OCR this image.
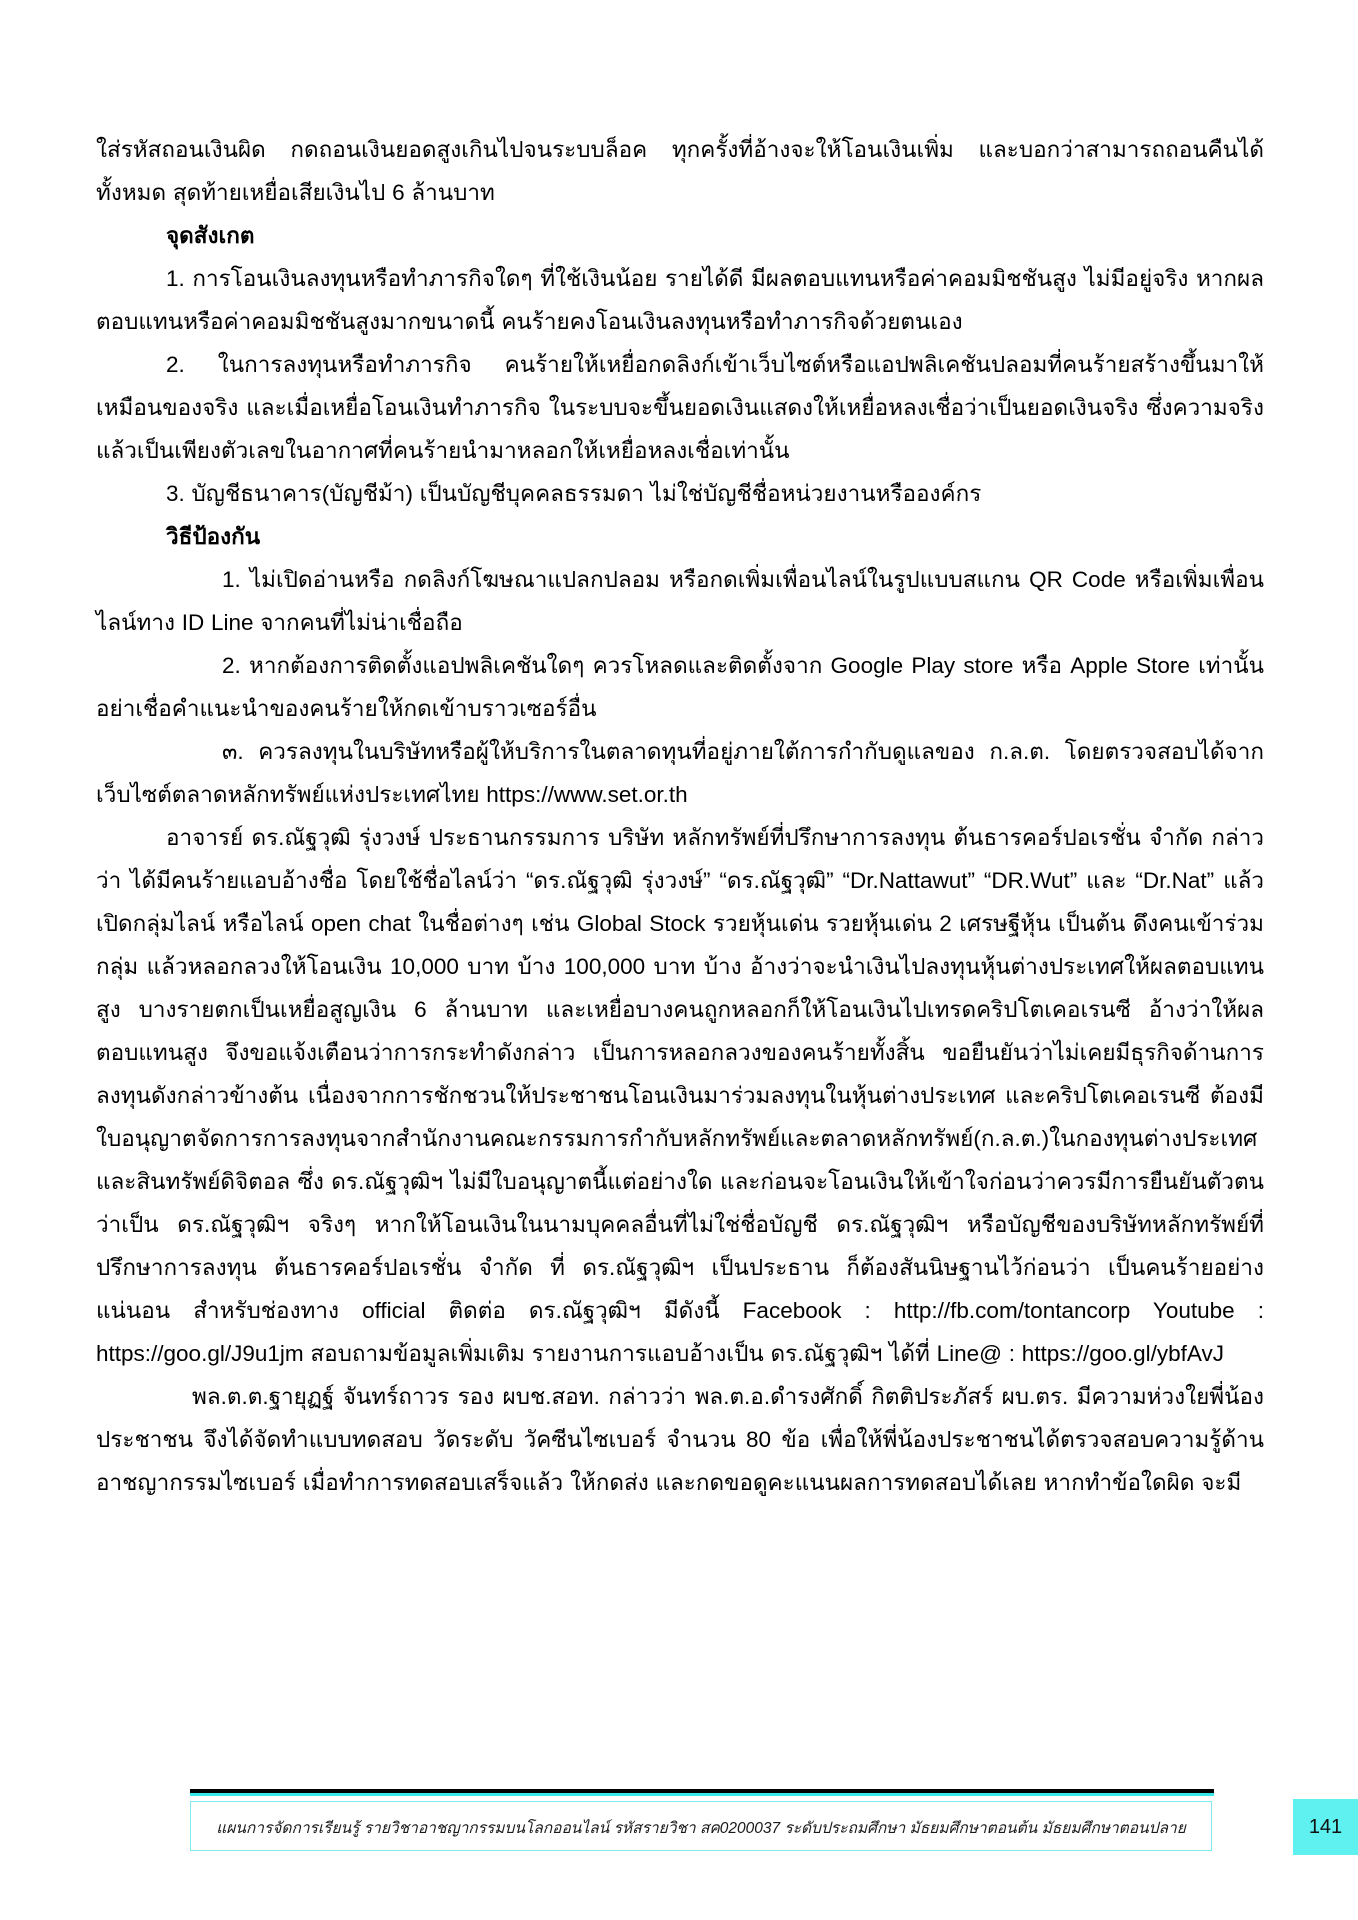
ใส่รหัสถอนเงินผิด กดถอนเงินยอดสูงเกินไปจนระบบล็อค ทุกครั้งที่อ้างจะให้โอนเงินเพิ่ม และบอกว่าสามารถถอนคืนได้ทั้งหมด สุดท้ายเหยื่อเสียเงินไป 6 ล้านบาท

จุดสังเกต

1. การโอนเงินลงทุนหรือทำภารกิจใดๆ ที่ใช้เงินน้อย รายได้ดี มีผลตอบแทนหรือค่าคอมมิชชันสูง ไม่มีอยู่จริง หากผลตอบแทนหรือค่าคอมมิชชันสูงมากขนาดนี้ คนร้ายคงโอนเงินลงทุนหรือทำภารกิจด้วยตนเอง

2. ในการลงทุนหรือทำภารกิจ คนร้ายให้เหยื่อกดลิงก์เข้าเว็บไซต์หรือแอปพลิเคชันปลอมที่คนร้ายสร้างขึ้นมาให้เหมือนของจริง และเมื่อเหยื่อโอนเงินทำภารกิจ ในระบบจะขึ้นยอดเงินแสดงให้เหยื่อหลงเชื่อว่าเป็นยอดเงินจริง ซึ่งความจริงแล้วเป็นเพียงตัวเลขในอากาศที่คนร้ายนำมาหลอกให้เหยื่อหลงเชื่อเท่านั้น

3. บัญชีธนาคาร(บัญชีม้า) เป็นบัญชีบุคคลธรรมดา ไม่ใช่บัญชีชื่อหน่วยงานหรือองค์กร

วิธีป้องกัน

1. ไม่เปิดอ่านหรือ กดลิงก์โฆษณาแปลกปลอม หรือกดเพิ่มเพื่อนไลน์ในรูปแบบสแกน QR Code หรือเพิ่มเพื่อนไลน์ทาง ID Line จากคนที่ไม่น่าเชื่อถือ

2. หากต้องการติดตั้งแอปพลิเคชันใดๆ ควรโหลดและติดตั้งจาก Google Play store หรือ Apple Store เท่านั้น อย่าเชื่อคำแนะนำของคนร้ายให้กดเข้าบราวเซอร์อื่น

๓. ควรลงทุนในบริษัทหรือผู้ให้บริการในตลาดทุนที่อยู่ภายใต้การกำกับดูแลของ ก.ล.ต. โดยตรวจสอบได้จากเว็บไซต์ตลาดหลักทรัพย์แห่งประเทศไทย https://www.set.or.th

อาจารย์ ดร.ณัฐวุฒิ รุ่งวงษ์ ประธานกรรมการ บริษัท หลักทรัพย์ที่ปรึกษาการลงทุน ต้นธารคอร์ปอเรชั่น จำกัด กล่าวว่า ได้มีคนร้ายแอบอ้างชื่อ โดยใช้ชื่อไลน์ว่า “ดร.ณัฐวุฒิ รุ่งวงษ์” “ดร.ณัฐวุฒิ” “Dr.Nattawut” “DR.Wut” และ “Dr.Nat” แล้วเปิดกลุ่มไลน์ หรือไลน์ open chat ในชื่อต่างๆ เช่น Global Stock รวยหุ้นเด่น รวยหุ้นเด่น 2 เศรษฐีหุ้น เป็นต้น ดึงคนเข้าร่วมกลุ่ม แล้วหลอกลวงให้โอนเงิน 10,000 บาท บ้าง 100,000 บาท บ้าง อ้างว่าจะนำเงินไปลงทุนหุ้นต่างประเทศให้ผลตอบแทนสูง บางรายตกเป็นเหยื่อสูญเงิน 6 ล้านบาท และเหยื่อบางคนถูกหลอกก็ให้โอนเงินไปเทรดคริปโตเคอเรนซี อ้างว่าให้ผลตอบแทนสูง จึงขอแจ้งเตือนว่าการกระทำดังกล่าว เป็นการหลอกลวงของคนร้ายทั้งสิ้น ขอยืนยันว่าไม่เคยมีธุรกิจด้านการลงทุนดังกล่าวข้างต้น เนื่องจากการชักชวนให้ประชาชนโอนเงินมาร่วมลงทุนในหุ้นต่างประเทศ และคริปโตเคอเรนซี ต้องมีใบอนุญาตจัดการการลงทุนจากสำนักงานคณะกรรมการกำกับหลักทรัพย์และตลาดหลักทรัพย์(ก.ล.ต.)ในกองทุนต่างประเทศ และสินทรัพย์ดิจิตอล ซึ่ง ดร.ณัฐวุฒิฯ ไม่มีใบอนุญาตนี้แต่อย่างใด และก่อนจะโอนเงินให้เข้าใจก่อนว่าควรมีการยืนยันตัวตนว่าเป็น ดร.ณัฐวุฒิฯ จริงๆ หากให้โอนเงินในนามบุคคลอื่นที่ไม่ใช่ชื่อบัญชี ดร.ณัฐวุฒิฯ หรือบัญชีของบริษัทหลักทรัพย์ที่ปรึกษาการลงทุน ต้นธารคอร์ปอเรชั่น จำกัด ที่ ดร.ณัฐวุฒิฯ เป็นประธาน ก็ต้องสันนิษฐานไว้ก่อนว่า เป็นคนร้ายอย่างแน่นอน สำหรับช่องทาง official ติดต่อ ดร.ณัฐวุฒิฯ มีดังนี้ Facebook : http://fb.com/tontancorp Youtube : https://goo.gl/J9u1jm สอบถามข้อมูลเพิ่มเติม รายงานการแอบอ้างเป็น ดร.ณัฐวุฒิฯ ได้ที่ Line@ : https://goo.gl/ybfAvJ

พล.ต.ต.ฐายุฏฐ์ จันทร์ถาวร รอง ผบช.สอท. กล่าวว่า พล.ต.อ.ดำรงศักดิ์ กิตติประภัสร์ ผบ.ตร. มีความห่วงใยพี่น้องประชาชน จึงได้จัดทำแบบทดสอบ วัดระดับ วัคซีนไซเบอร์ จำนวน 80 ข้อ เพื่อให้พี่น้องประชาชนได้ตรวจสอบความรู้ด้านอาชญากรรมไซเบอร์ เมื่อทำการทดสอบเสร็จแล้ว ให้กดส่ง และกดขอดูคะแนนผลการทดสอบได้เลย หากทำข้อใดผิด จะมี

แผนการจัดการเรียนรู้ รายวิชาอาชญากรรมบนโลกออนไลน์ รหัสรายวิชา สค0200037 ระดับประถมศึกษา มัธยมศึกษาตอนต้น มัธยมศึกษาตอนปลาย	141
